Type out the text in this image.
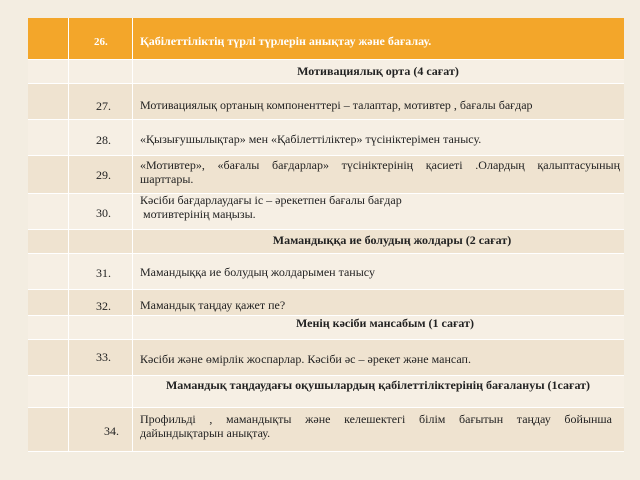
26.	Қабілеттіліктің түрлі түрлерін анықтау және бағалау.
Мотивациялық орта (4 сағат)
27. Мотивациялық ортаның компоненттері – талаптар, мотивтер , бағалы бағдар
28. «Қызығушылықтар» мен «Қабілеттіліктер» түсініктерімен танысу.
29.
«Мотивтер», «бағалы бағдарлар» түсініктерінің қасиеті .Олардың қалыптасуының
шарттары.
30.
Кәсіби бағдарлаудағы іс – әрекетпен бағалы бағдар
мотивтерінің маңызы.
Мамандыққа ие болудың жолдары (2 сағат)
31. Мамандыққа ие болудың жолдарымен танысу
32. Мамандық таңдау қажет пе?
Менің кәсіби мансабым (1 сағат)
33. Кәсіби және өмірлік жоспарлар. Кәсіби әс – әрекет және мансап.
Мамандық таңдаудағы оқушылардың қабілеттіліктерінің бағалануы (1сағат)
34.
Профильді , мамандықты және келешектегі білім бағытын таңдау бойынша
дайындықтарын анықтау.
